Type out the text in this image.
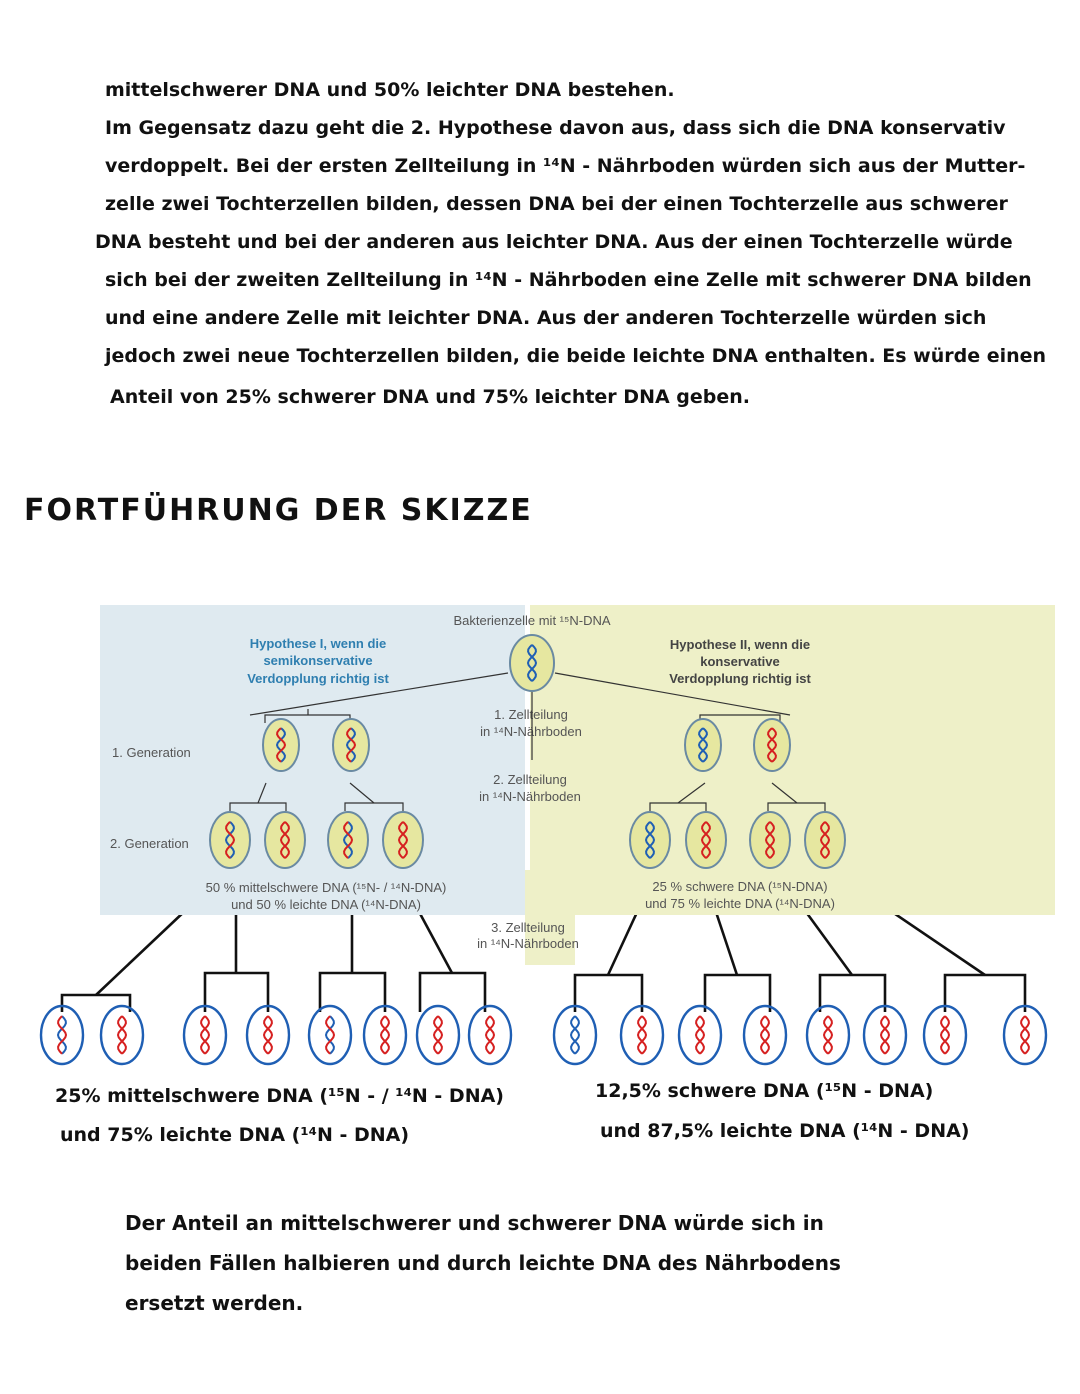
mittelschwerer DNA und 50% leichter DNA bestehen.
Im Gegensatz dazu geht die 2. Hypothese davon aus, dass sich die DNA konservativ
verdoppelt. Bei der ersten Zellteilung in ¹⁴N - Nährboden würden sich aus der Mutter-
zelle zwei Tochterzellen bilden, dessen DNA bei der einen Tochterzelle aus schwerer
DNA besteht und bei der anderen aus leichter DNA. Aus der einen Tochterzelle würde
sich bei der zweiten Zellteilung in ¹⁴N - Nährboden eine Zelle mit schwerer DNA bilden
und eine andere Zelle mit leichter DNA. Aus der anderen Tochterzelle würden sich
jedoch zwei neue Tochterzellen bilden, die beide leichte DNA enthalten. Es würde einen
Anteil von 25% schwerer DNA und 75% leichter DNA geben.
FORTFÜHRUNG DER SKIZZE
25% mittelschwere DNA (¹⁵N - / ¹⁴N - DNA)
und 75% leichte DNA (¹⁴N - DNA)
12,5% schwere DNA (¹⁵N - DNA)
und 87,5% leichte DNA (¹⁴N - DNA)
Der Anteil an mittelschwerer und schwerer DNA würde sich in
beiden Fällen halbieren und durch leichte DNA des Nährbodens
ersetzt werden.
Bakterienzelle mit ¹⁵N-DNA
Hypothese I, wenn die
semikonservative
Verdopplung richtig ist
Hypothese II, wenn die
konservative
Verdopplung richtig ist
1. Zellteilung
in ¹⁴N-Nährboden
2. Zellteilung
in ¹⁴N-Nährboden
3. Zellteilung
in ¹⁴N-Nährboden
1. Generation
2. Generation
50 % mittelschwere DNA (¹⁵N- / ¹⁴N-DNA)
und 50 % leichte DNA (¹⁴N-DNA)
25 % schwere DNA (¹⁵N-DNA)
und 75 % leichte DNA (¹⁴N-DNA)
